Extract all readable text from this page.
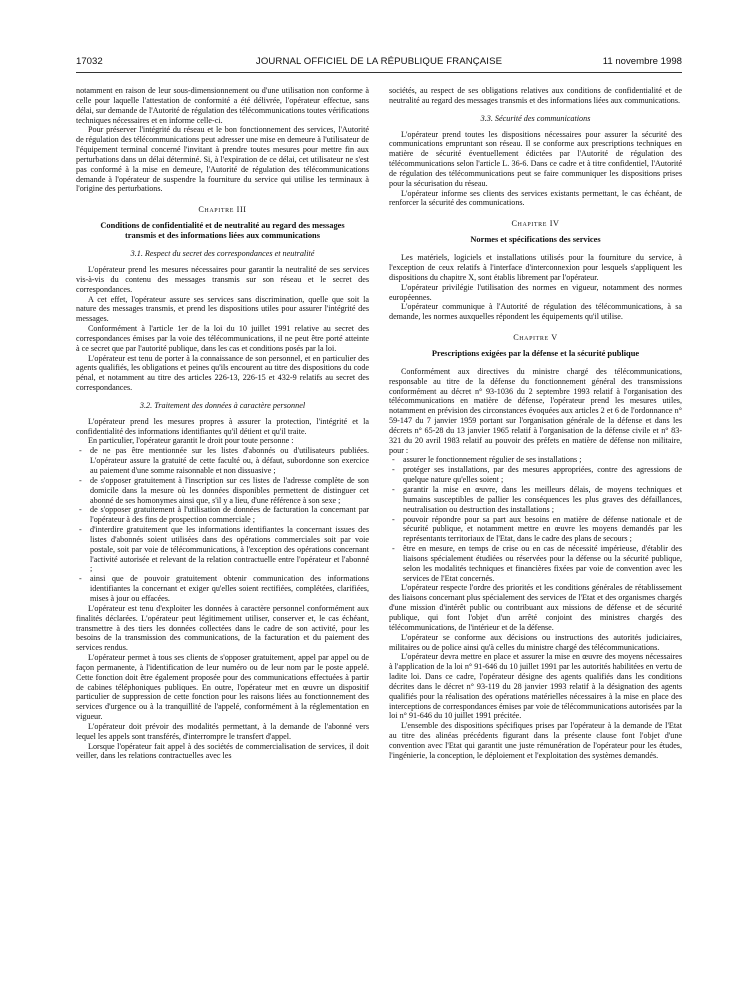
17032	JOURNAL OFFICIEL DE LA RÉPUBLIQUE FRANÇAISE	11 novembre 1998

notamment en raison de leur sous-dimensionnement ou d'une utilisation non conforme à celle pour laquelle l'attestation de conformité a été délivrée, l'opérateur effectue, sans délai, sur demande de l'Autorité de régulation des télécommunications toutes vérifications techniques nécessaires et en informe celle-ci.

Pour préserver l'intégrité du réseau et le bon fonctionnement des services, l'Autorité de régulation des télécommunications peut adresser une mise en demeure à l'utilisateur de l'équipement terminal concerné l'invitant à prendre toutes mesures pour mettre fin aux perturbations dans un délai déterminé. Si, à l'expiration de ce délai, cet utilisateur ne s'est pas conformé à la mise en demeure, l'Autorité de régulation des télécommunications demande à l'opérateur de suspendre la fourniture du service qui utilise les terminaux à l'origine des perturbations.

Chapitre III
Conditions de confidentialité et de neutralité au regard des messages transmis et des informations liées aux communications
3.1. Respect du secret des correspondances et neutralité

L'opérateur prend les mesures nécessaires pour garantir la neutralité de ses services vis-à-vis du contenu des messages transmis sur son réseau et le secret des correspondances.

A cet effet, l'opérateur assure ses services sans discrimination, quelle que soit la nature des messages transmis, et prend les dispositions utiles pour assurer l'intégrité des messages.

Conformément à l'article 1er de la loi du 10 juillet 1991 relative au secret des correspondances émises par la voie des télécommunications, il ne peut être porté atteinte à ce secret que par l'autorité publique, dans les cas et conditions posés par la loi.

L'opérateur est tenu de porter à la connaissance de son personnel, et en particulier des agents qualifiés, les obligations et peines qu'ils encourent au titre des dispositions du code pénal, et notamment au titre des articles 226-13, 226-15 et 432-9 relatifs au secret des correspondances.

3.2. Traitement des données à caractère personnel

L'opérateur prend les mesures propres à assurer la protection, l'intégrité et la confidentialité des informations identifiantes qu'il détient et qu'il traite.

En particulier, l'opérateur garantit le droit pour toute personne :

- de ne pas être mentionnée sur les listes d'abonnés ou d'utilisateurs publiées. L'opérateur assure la gratuité de cette faculté ou, à défaut, subordonne son exercice au paiement d'une somme raisonnable et non dissuasive ;
- de s'opposer gratuitement à l'inscription sur ces listes de l'adresse complète de son domicile dans la mesure où les données disponibles permettent de distinguer cet abonné de ses homonymes ainsi que, s'il y a lieu, d'une référence à son sexe ;
- de s'opposer gratuitement à l'utilisation de données de facturation la concernant par l'opérateur à des fins de prospection commerciale ;
- d'interdire gratuitement que les informations identifiantes la concernant issues des listes d'abonnés soient utilisées dans des opérations commerciales soit par voie postale, soit par voie de télécommunications, à l'exception des opérations concernant l'activité autorisée et relevant de la relation contractuelle entre l'opérateur et l'abonné ;
- ainsi que de pouvoir gratuitement obtenir communication des informations identifiantes la concernant et exiger qu'elles soient rectifiées, complétées, clarifiées, mises à jour ou effacées.

L'opérateur est tenu d'exploiter les données à caractère personnel conformément aux finalités déclarées. L'opérateur peut légitimement utiliser, conserver et, le cas échéant, transmettre à des tiers les données collectées dans le cadre de son activité, pour les besoins de la transmission des communications, de la facturation et du paiement des services rendus.

L'opérateur permet à tous ses clients de s'opposer gratuitement, appel par appel ou de façon permanente, à l'identification de leur numéro ou de leur nom par le poste appelé. Cette fonction doit être également proposée pour des communications effectuées à partir de cabines téléphoniques publiques. En outre, l'opérateur met en œuvre un dispositif particulier de suppression de cette fonction pour les raisons liées au fonctionnement des services d'urgence ou à la tranquillité de l'appelé, conformément à la réglementation en vigueur.

L'opérateur doit prévoir des modalités permettant, à la demande de l'abonné vers lequel les appels sont transférés, d'interrompre le transfert d'appel.

Lorsque l'opérateur fait appel à des sociétés de commercialisation de services, il doit veiller, dans les relations contractuelles avec les

sociétés, au respect de ses obligations relatives aux conditions de confidentialité et de neutralité au regard des messages transmis et des informations liées aux communications.

3.3. Sécurité des communications

L'opérateur prend toutes les dispositions nécessaires pour assurer la sécurité des communications empruntant son réseau. Il se conforme aux prescriptions techniques en matière de sécurité éventuellement édictées par l'Autorité de régulation des télécommunications selon l'article L. 36-6. Dans ce cadre et à titre confidentiel, l'Autorité de régulation des télécommunications peut se faire communiquer les dispositions prises pour la sécurisation du réseau.

L'opérateur informe ses clients des services existants permettant, le cas échéant, de renforcer la sécurité des communications.

Chapitre IV
Normes et spécifications des services

Les matériels, logiciels et installations utilisés pour la fourniture du service, à l'exception de ceux relatifs à l'interface d'interconnexion pour lesquels s'appliquent les dispositions du chapitre X, sont établis librement par l'opérateur.

L'opérateur privilégie l'utilisation des normes en vigueur, notamment des normes européennes.

L'opérateur communique à l'Autorité de régulation des télécommunications, à sa demande, les normes auxquelles répondent les équipements qu'il utilise.

Chapitre V
Prescriptions exigées par la défense et la sécurité publique

Conformément aux directives du ministre chargé des télécommunications, responsable au titre de la défense du fonctionnement général des transmissions conformément au décret n° 93-1036 du 2 septembre 1993 relatif à l'organisation des télécommunications en matière de défense, l'opérateur prend les mesures utiles, notamment en prévision des circonstances évoquées aux articles 2 et 6 de l'ordonnance n° 59-147 du 7 janvier 1959 portant sur l'organisation générale de la défense et dans les décrets n° 65-28 du 13 janvier 1965 relatif à l'organisation de la défense civile et n° 83-321 du 20 avril 1983 relatif au pouvoir des préfets en matière de défense non militaire, pour :

- assurer le fonctionnement régulier de ses installations ;
- protéger ses installations, par des mesures appropriées, contre des agressions de quelque nature qu'elles soient ;
- garantir la mise en œuvre, dans les meilleurs délais, de moyens techniques et humains susceptibles de pallier les conséquences les plus graves des défaillances, neutralisation ou destruction des installations ;
- pouvoir répondre pour sa part aux besoins en matière de défense nationale et de sécurité publique, et notamment mettre en œuvre les moyens demandés par les représentants territoriaux de l'Etat, dans le cadre des plans de secours ;
- être en mesure, en temps de crise ou en cas de nécessité impérieuse, d'établir des liaisons spécialement étudiées ou réservées pour la défense ou la sécurité publique, selon les modalités techniques et financières fixées par voie de convention avec les services de l'Etat concernés.

L'opérateur respecte l'ordre des priorités et les conditions générales de rétablissement des liaisons concernant plus spécialement des services de l'Etat et des organismes chargés d'une mission d'intérêt public ou contribuant aux missions de défense et de sécurité publique, qui font l'objet d'un arrêté conjoint des ministres chargés des télécommunications, de l'intérieur et de la défense.

L'opérateur se conforme aux décisions ou instructions des autorités judiciaires, militaires ou de police ainsi qu'à celles du ministre chargé des télécommunications.

L'opérateur devra mettre en place et assurer la mise en œuvre des moyens nécessaires à l'application de la loi n° 91-646 du 10 juillet 1991 par les autorités habilitées en vertu de ladite loi. Dans ce cadre, l'opérateur désigne des agents qualifiés dans les conditions décrites dans le décret n° 93-119 du 28 janvier 1993 relatif à la désignation des agents qualifiés pour la réalisation des opérations matérielles nécessaires à la mise en place des interceptions de correspondances émises par voie de télécommunications autorisées par la loi n° 91-646 du 10 juillet 1991 précitée.

L'ensemble des dispositions spécifiques prises par l'opérateur à la demande de l'Etat au titre des alinéas précédents figurant dans la présente clause font l'objet d'une convention avec l'Etat qui garantit une juste rémunération de l'opérateur pour les études, l'ingénierie, la conception, le déploiement et l'exploitation des systèmes demandés.
